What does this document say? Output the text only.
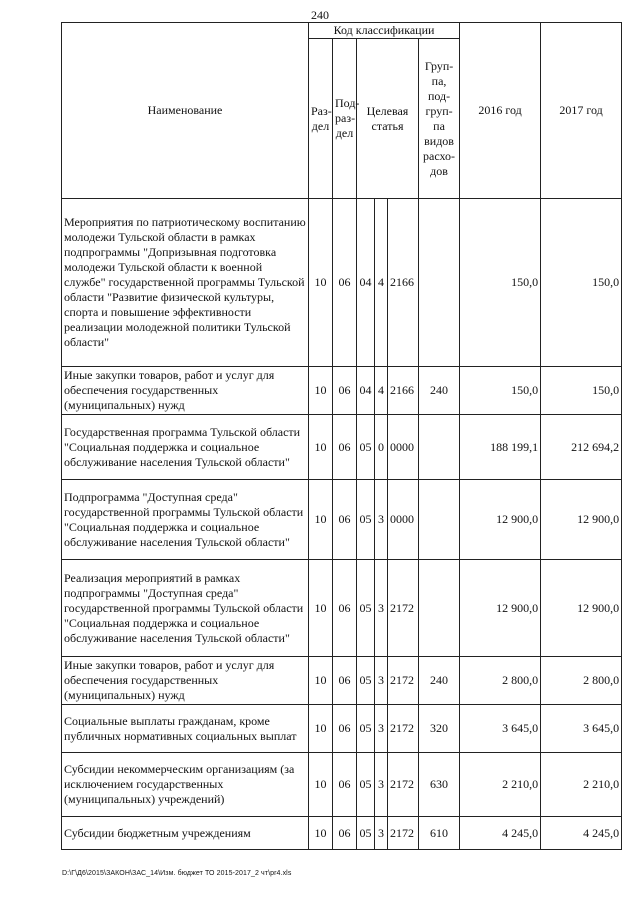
240
Наименование	Код классификации						2016 год	2017 год
	Раз- дел	Под- раз- дел	Целевая статья			Груп- па, под- груп- па видов расхо- дов		
Мероприятия по патриотическому воспитанию молодежи Тульской области в рамках подпрограммы "Допризывная подготовка молодежи Тульской области к военной службе" государственной программы Тульской области "Развитие физической культуры, спорта и повышение эффективности реализации молодежной политики Тульской области"	10	06	04	4	2166		150,0	150,0
Иные закупки товаров, работ и услуг для обеспечения государственных (муниципальных) нужд	10	06	04	4	2166	240	150,0	150,0
Государственная программа Тульской области "Социальная поддержка и социальное обслуживание населения Тульской области"	10	06	05	0	0000		188 199,1	212 694,2
Подпрограмма "Доступная среда" государственной программы Тульской области "Социальная поддержка и социальное обслуживание населения Тульской области"	10	06	05	3	0000		12 900,0	12 900,0
Реализация мероприятий в рамках подпрограммы "Доступная среда" государственной программы Тульской области "Социальная поддержка и социальное обслуживание населения Тульской области"	10	06	05	3	2172		12 900,0	12 900,0
Иные закупки товаров, работ и услуг для обеспечения государственных (муниципальных) нужд	10	06	05	3	2172	240	2 800,0	2 800,0
Социальные выплаты гражданам, кроме публичных нормативных социальных выплат	10	06	05	3	2172	320	3 645,0	3 645,0
Субсидии некоммерческим организациям (за исключением государственных (муниципальных) учреждений)	10	06	05	3	2172	630	2 210,0	2 210,0
Субсидии бюджетным учреждениям	10	06	05	3	2172	610	4 245,0	4 245,0
D:\Г\Д6\2015\ЗАКОН\ЗАС_14\Изм. бюджет ТО 2015-2017_2 чт\pr4.xls
